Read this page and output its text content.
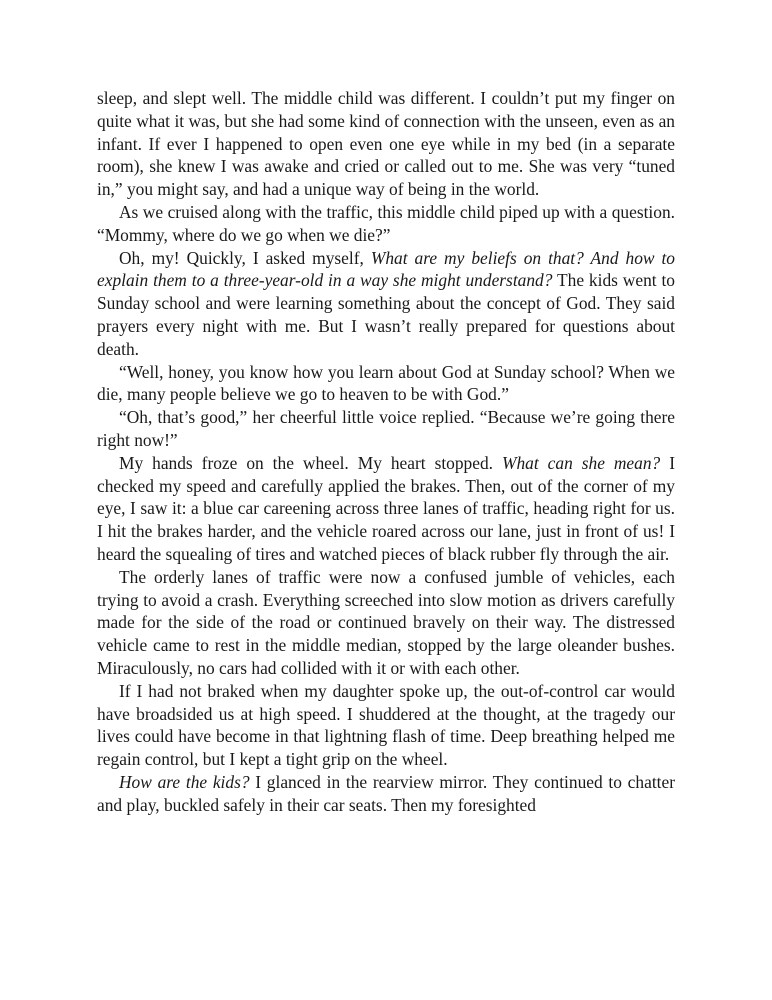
sleep, and slept well. The middle child was different. I couldn’t put my finger on quite what it was, but she had some kind of connection with the unseen, even as an infant. If ever I happened to open even one eye while in my bed (in a separate room), she knew I was awake and cried or called out to me. She was very “tuned in,” you might say, and had a unique way of being in the world.

As we cruised along with the traffic, this middle child piped up with a question. “Mommy, where do we go when we die?”

Oh, my! Quickly, I asked myself, What are my beliefs on that? And how to explain them to a three-year-old in a way she might understand? The kids went to Sunday school and were learning something about the concept of God. They said prayers every night with me. But I wasn’t really prepared for questions about death.

“Well, honey, you know how you learn about God at Sunday school? When we die, many people believe we go to heaven to be with God.”

“Oh, that’s good,” her cheerful little voice replied. “Because we’re going there right now!”

My hands froze on the wheel. My heart stopped. What can she mean? I checked my speed and carefully applied the brakes. Then, out of the corner of my eye, I saw it: a blue car careening across three lanes of traffic, heading right for us. I hit the brakes harder, and the vehicle roared across our lane, just in front of us! I heard the squealing of tires and watched pieces of black rubber fly through the air.

The orderly lanes of traffic were now a confused jumble of vehicles, each trying to avoid a crash. Everything screeched into slow motion as drivers carefully made for the side of the road or continued bravely on their way. The distressed vehicle came to rest in the middle median, stopped by the large oleander bushes. Miraculously, no cars had collided with it or with each other.

If I had not braked when my daughter spoke up, the out-of-control car would have broadsided us at high speed. I shuddered at the thought, at the tragedy our lives could have become in that lightning flash of time. Deep breathing helped me regain control, but I kept a tight grip on the wheel.

How are the kids? I glanced in the rearview mirror. They continued to chatter and play, buckled safely in their car seats. Then my foresighted
